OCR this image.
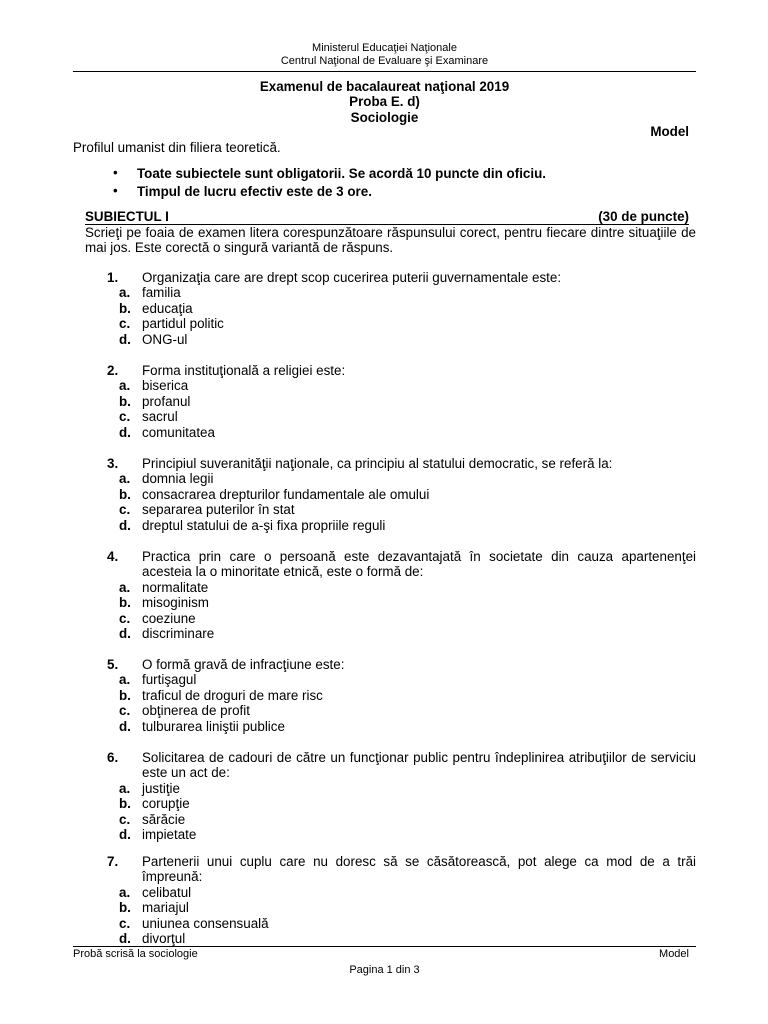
Ministerul Educaţiei Naţionale
Centrul Naţional de Evaluare şi Examinare
Examenul de bacalaureat naţional 2019
Proba E. d)
Sociologie
Model
Profilul umanist din filiera teoretică.
• Toate subiectele sunt obligatorii. Se acordă 10 puncte din oficiu.
• Timpul de lucru efectiv este de 3 ore.
SUBIECTUL I	(30 de puncte)

Scrieţi pe foaia de examen litera corespunzătoare răspunsului corect, pentru fiecare dintre situaţiile de mai jos. Este corectă o singură variantă de răspuns.

1. Organizaţia care are drept scop cucerirea puterii guvernamentale este:
a. familia
b. educaţia
c. partidul politic
d. ONG-ul
2. Forma instituţională a religiei este:
a. biserica
b. profanul
c. sacrul
d. comunitatea
3. Principiul suveranităţii naţionale, ca principiu al statului democratic, se referă la:
a. domnia legii
b. consacrarea drepturilor fundamentale ale omului
c. separarea puterilor în stat
d. dreptul statului de a-şi fixa propriile reguli
4. Practica prin care o persoană este dezavantajată în societate din cauza apartenenţei acesteia la o minoritate etnică, este o formă de:
a. normalitate
b. misoginism
c. coeziune
d. discriminare
5. O formă gravă de infracţiune este:
a. furtişagul
b. traficul de droguri de mare risc
c. obţinerea de profit
d. tulburarea liniştii publice
6. Solicitarea de cadouri de către un funcţionar public pentru îndeplinirea atribuţiilor de serviciu este un act de:
a. justiţie
b. corupţie
c. sărăcie
d. impietate
7. Partenerii unui cuplu care nu doresc să se căsătorească, pot alege ca mod de a trăi împreună:
a. celibatul
b. mariajul
c. uniunea consensuală
d. divorţul
Probă scrisă la sociologie	Model
Pagina 1 din 3
